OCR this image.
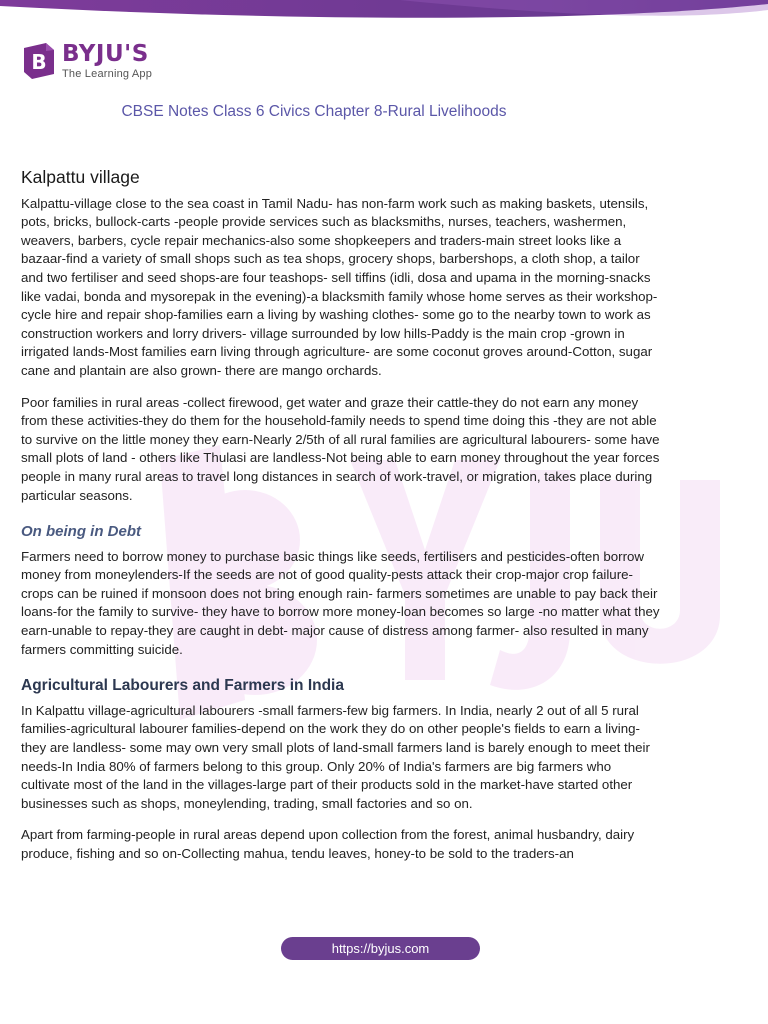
B BYJU'S
The Learning App
CBSE Notes Class 6 Civics Chapter 8-Rural Livelihoods
Kalpattu village

Kalpattu-village close to the sea coast in Tamil Nadu- has non-farm work such as making baskets, utensils, pots, bricks, bullock-carts -people provide services such as blacksmiths, nurses, teachers, washermen, weavers, barbers, cycle repair mechanics-also some shopkeepers and traders-main street looks like a bazaar-find a variety of small shops such as tea shops, grocery shops, barbershops, a cloth shop, a tailor and two fertiliser and seed shops-are four teashops- sell tiffins (idli, dosa and upama in the morning-snacks like vadai, bonda and mysorepak in the evening)-a blacksmith family whose home serves as their workshop-cycle hire and repair shop-families earn a living by washing clothes- some go to the nearby town to work as construction workers and lorry drivers- village surrounded by low hills-Paddy is the main crop -grown in irrigated lands-Most families earn living through agriculture- are some coconut groves around-Cotton, sugar cane and plantain are also grown- there are mango orchards.

Poor families in rural areas -collect firewood, get water and graze their cattle-they do not earn any money from these activities-they do them for the household-family needs to spend time doing this -they are not able to survive on the little money they earn-Nearly 2/5th of all rural families are agricultural labourers- some have small plots of land - others like Thulasi are landless-Not being able to earn money throughout the year forces people in many rural areas to travel long distances in search of work-travel, or migration, takes place during particular seasons.

On being in Debt

Farmers need to borrow money to purchase basic things like seeds, fertilisers and pesticides-often borrow money from moneylenders-If the seeds are not of good quality-pests attack their crop-major crop failure-crops can be ruined if monsoon does not bring enough rain- farmers sometimes are unable to pay back their loans-for the family to survive- they have to borrow more money-loan becomes so large -no matter what they earn-unable to repay-they are caught in debt- major cause of distress among farmer- also resulted in many farmers committing suicide.

Agricultural Labourers and Farmers in India

In Kalpattu village-agricultural labourers -small farmers-few big farmers. In India, nearly 2 out of all 5 rural families-agricultural labourer families-depend on the work they do on other people's fields to earn a living-they are landless- some may own very small plots of land-small farmers land is barely enough to meet their needs-In India 80% of farmers belong to this group. Only 20% of India's farmers are big farmers who cultivate most of the land in the villages-large part of their products sold in the market-have started other businesses such as shops, moneylending, trading, small factories and so on.

Apart from farming-people in rural areas depend upon collection from the forest, animal husbandry, dairy produce, fishing and so on-Collecting mahua, tendu leaves, honey-to be sold to the traders-an

https://byjus.com
